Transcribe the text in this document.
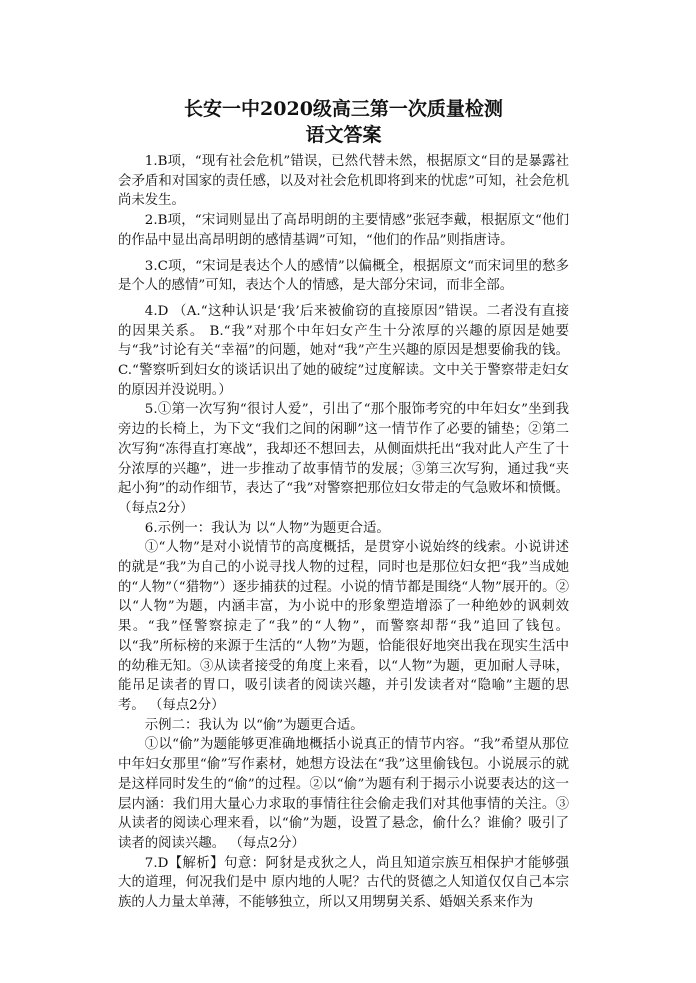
长安一中2020级高三第一次质量检测
语文答案

1.B项，“现有社会危机”错误，已然代替未然，根据原文“目的是暴露社会矛盾和对国家的责任感，以及对社会危机即将到来的忧虑”可知，社会危机尚未发生。

2.B项，“宋词则显出了高昂明朗的主要情感”张冠李戴，根据原文“他们的作品中显出高昂明朗的感情基调”可知，“他们的作品”则指唐诗。

3.C项，“宋词是表达个人的感情”以偏概全，根据原文“而宋词里的愁多是个人的感情”可知，表达个人的情感，是大部分宋词，而非全部。

4.D （A.“这种认识是‘我’后来被偷窃的直接原因”错误。二者没有直接的因果关系。 B.“我”对那个中年妇女产生十分浓厚的兴趣的原因是她要与“我”讨论有关“幸福”的问题，她对“我”产生兴趣的原因是想要偷我的钱。 C.“警察听到妇女的谈话识出了她的破绽”过度解读。文中关于警察带走妇女的原因并没说明。）

5.①第一次写狗“很讨人爱”，引出了“那个服饰考究的中年妇女”坐到我旁边的长椅上，为下文“我们之间的闲聊”这一情节作了必要的铺垫；②第二次写狗“冻得直打寒战”，我却还不想回去，从侧面烘托出“我对此人产生了十分浓厚的兴趣”，进一步推动了故事情节的发展；③第三次写狗，通过我“夹起小狗”的动作细节，表达了“我”对警察把那位妇女带走的气急败坏和愤慨。 （每点2分）

6.示例一：我认为 以“人物”为题更合适。

①“人物”是对小说情节的高度概括，是贯穿小说始终的线索。小说讲述的就是“我”为自己的小说寻找人物的过程，同时也是那位妇女把“我”当成她的“人物”（“猎物”）逐步捕获的过程。小说的情节都是围绕“人物”展开的。②以“人物”为题，内涵丰富，为小说中的形象塑造增添了一种绝妙的讽刺效果。“我”怪警察掠走了“我”的“人物”，而警察却帮“我”追回了钱包。以“我”所标榜的来源于生活的“人物”为题，恰能很好地突出我在现实生活中的幼稚无知。③从读者接受的角度上来看，以“人物”为题，更加耐人寻味，能吊足读者的胃口，吸引读者的阅读兴趣，并引发读者对“隐喻”主题的思考。 （每点2分）

示例二：我认为 以“偷”为题更合适。

①以“偷”为题能够更准确地概括小说真正的情节内容。“我”希望从那位中年妇女那里“偷”写作素材，她想方设法在“我”这里偷钱包。小说展示的就是这样同时发生的“偷”的过程。②以“偷”为题有利于揭示小说要表达的这一层内涵：我们用大量心力求取的事情往往会偷走我们对其他事情的关注。③从读者的阅读心理来看，以“偷”为题，设置了悬念，偷什么？谁偷？吸引了读者的阅读兴趣。 （每点2分）

7.D【解析】句意：阿豺是戎狄之人，尚且知道宗族互相保护才能够强大的道理，何况我们是中 原内地的人呢？古代的贤德之人知道仅仅自己本宗族的人力量太单薄，不能够独立，所以又用甥舅关系、婚姻关系来作为
